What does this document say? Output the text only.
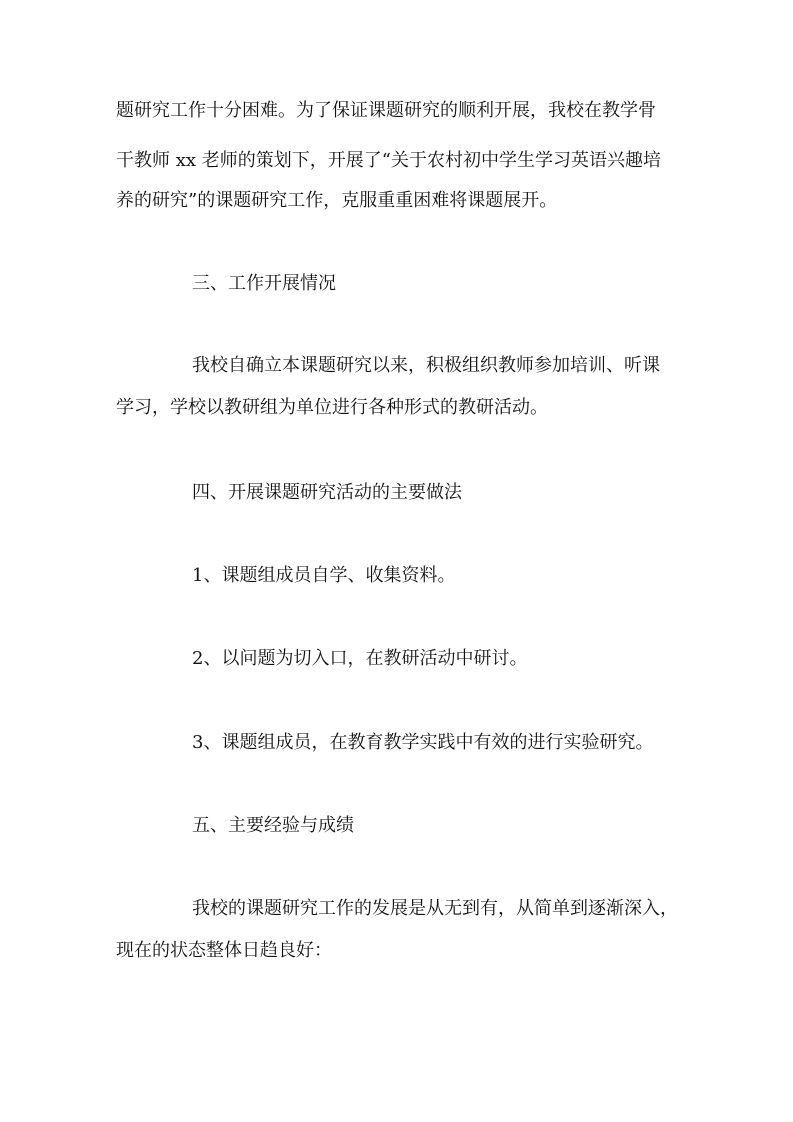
题研究工作十分困难。为了保证课题研究的顺利开展，我校在教学骨
干教师 xx 老师的策划下，开展了“关于农村初中学生学习英语兴趣培
养的研究”的课题研究工作，克服重重困难将课题展开。
三、工作开展情况
我校自确立本课题研究以来，积极组织教师参加培训、听课
学习，学校以教研组为单位进行各种形式的教研活动。
四、开展课题研究活动的主要做法
1、课题组成员自学、收集资料。
2、以问题为切入口，在教研活动中研讨。
3、课题组成员，在教育教学实践中有效的进行实验研究。
五、主要经验与成绩
我校的课题研究工作的发展是从无到有，从简单到逐渐深入，
现在的状态整体日趋良好：
